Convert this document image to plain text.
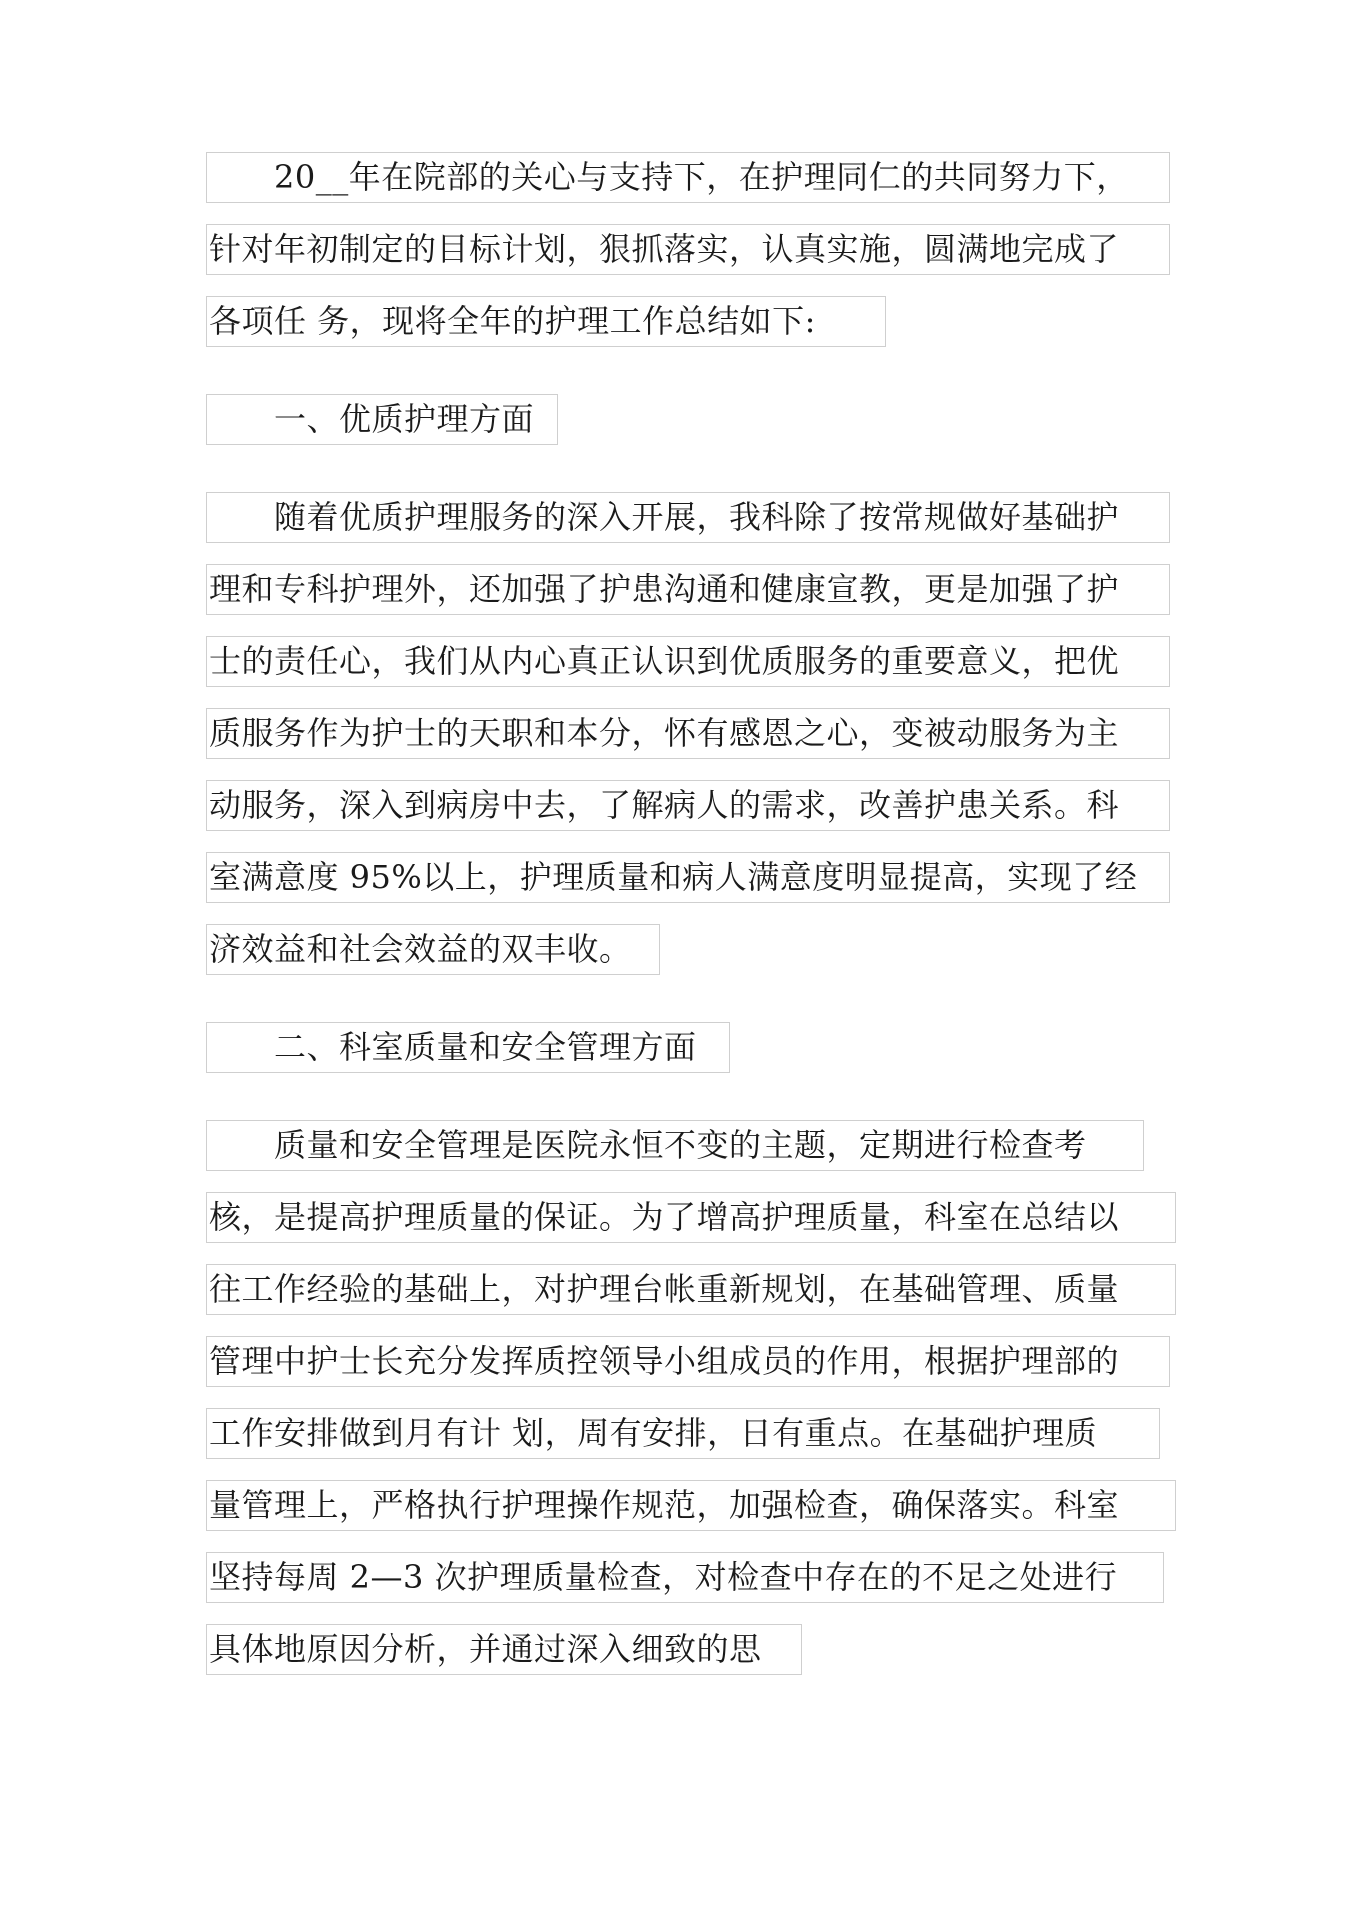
　　20__年在院部的关心与支持下，在护理同仁的共同努力下，
针对年初制定的目标计划，狠抓落实，认真实施，圆满地完成了
各项任 务，现将全年的护理工作总结如下:
　　一、优质护理方面
　　随着优质护理服务的深入开展，我科除了按常规做好基础护
理和专科护理外，还加强了护患沟通和健康宣教，更是加强了护
士的责任心，我们从内心真正认识到优质服务的重要意义，把优
质服务作为护士的天职和本分，怀有感恩之心，变被动服务为主
动服务，深入到病房中去，了解病人的需求，改善护患关系。科
室满意度 95%以上，护理质量和病人满意度明显提高，实现了经
济效益和社会效益的双丰收。
　　二、科室质量和安全管理方面
　　质量和安全管理是医院永恒不变的主题，定期进行检查考
核，是提高护理质量的保证。为了增高护理质量，科室在总结以
往工作经验的基础上，对护理台帐重新规划，在基础管理、质量
管理中护士长充分发挥质控领导小组成员的作用，根据护理部的
工作安排做到月有计 划，周有安排，日有重点。在基础护理质
量管理上，严格执行护理操作规范，加强检查，确保落实。科室
坚持每周 2—3 次护理质量检查，对检查中存在的不足之处进行
具体地原因分析，并通过深入细致的思
